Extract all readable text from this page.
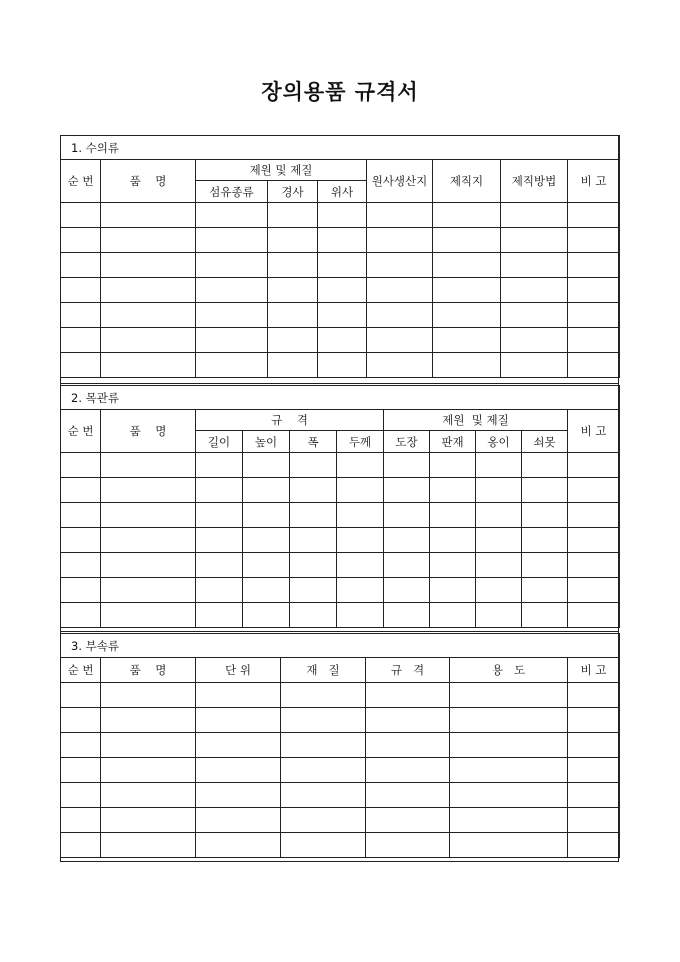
장의용품 규격서
1. 수의류								
순 번	품    명	제원 및 제질			원사생산지	제직지	제직방법	비 고
		섬유종류	경사	위사				

2. 목관류										
순 번	품    명	규    격				제원  및 제질				비 고
		길이	높이	폭	두께	도장	판재	옹이	쇠못	

3. 부속류						
순 번	품    명	단 위	재   질	규   격	용   도	비 고
